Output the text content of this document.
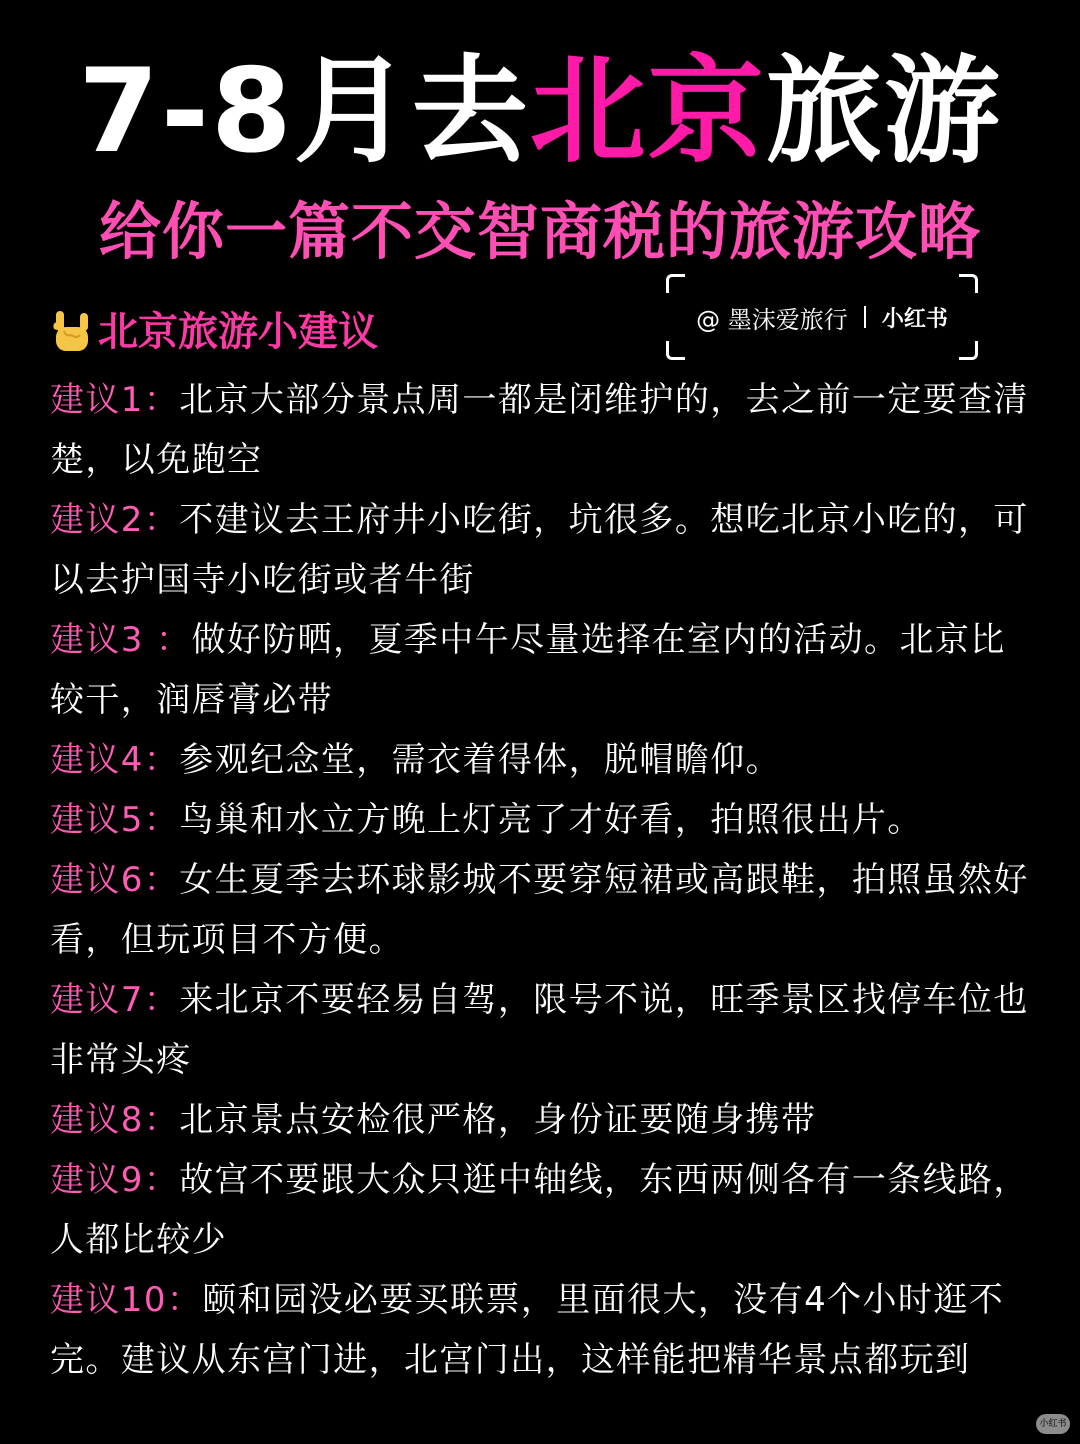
7-8月去北京旅游
给你一篇不交智商税的旅游攻略
@ 墨沫爱旅行 小红书
北京旅游小建议

建议1：北京大部分景点周一都是闭维护的，去之前一定要查清楚，以免跑空

建议2：不建议去王府井小吃街，坑很多。想吃北京小吃的，可以去护国寺小吃街或者牛街

建议3 ：做好防晒，夏季中午尽量选择在室内的活动。北京比较干，润唇膏必带

建议4：参观纪念堂，需衣着得体，脱帽瞻仰。

建议5：鸟巢和水立方晚上灯亮了才好看，拍照很出片。

建议6：女生夏季去环球影城不要穿短裙或高跟鞋，拍照虽然好看，但玩项目不方便。

建议7：来北京不要轻易自驾，限号不说，旺季景区找停车位也非常头疼

建议8：北京景点安检很严格，身份证要随身携带

建议9：故宫不要跟大众只逛中轴线，东西两侧各有一条线路，人都比较少

建议10：颐和园没必要买联票，里面很大，没有4个小时逛不完。建议从东宫门进，北宫门出，这样能把精华景点都玩到

小红书
